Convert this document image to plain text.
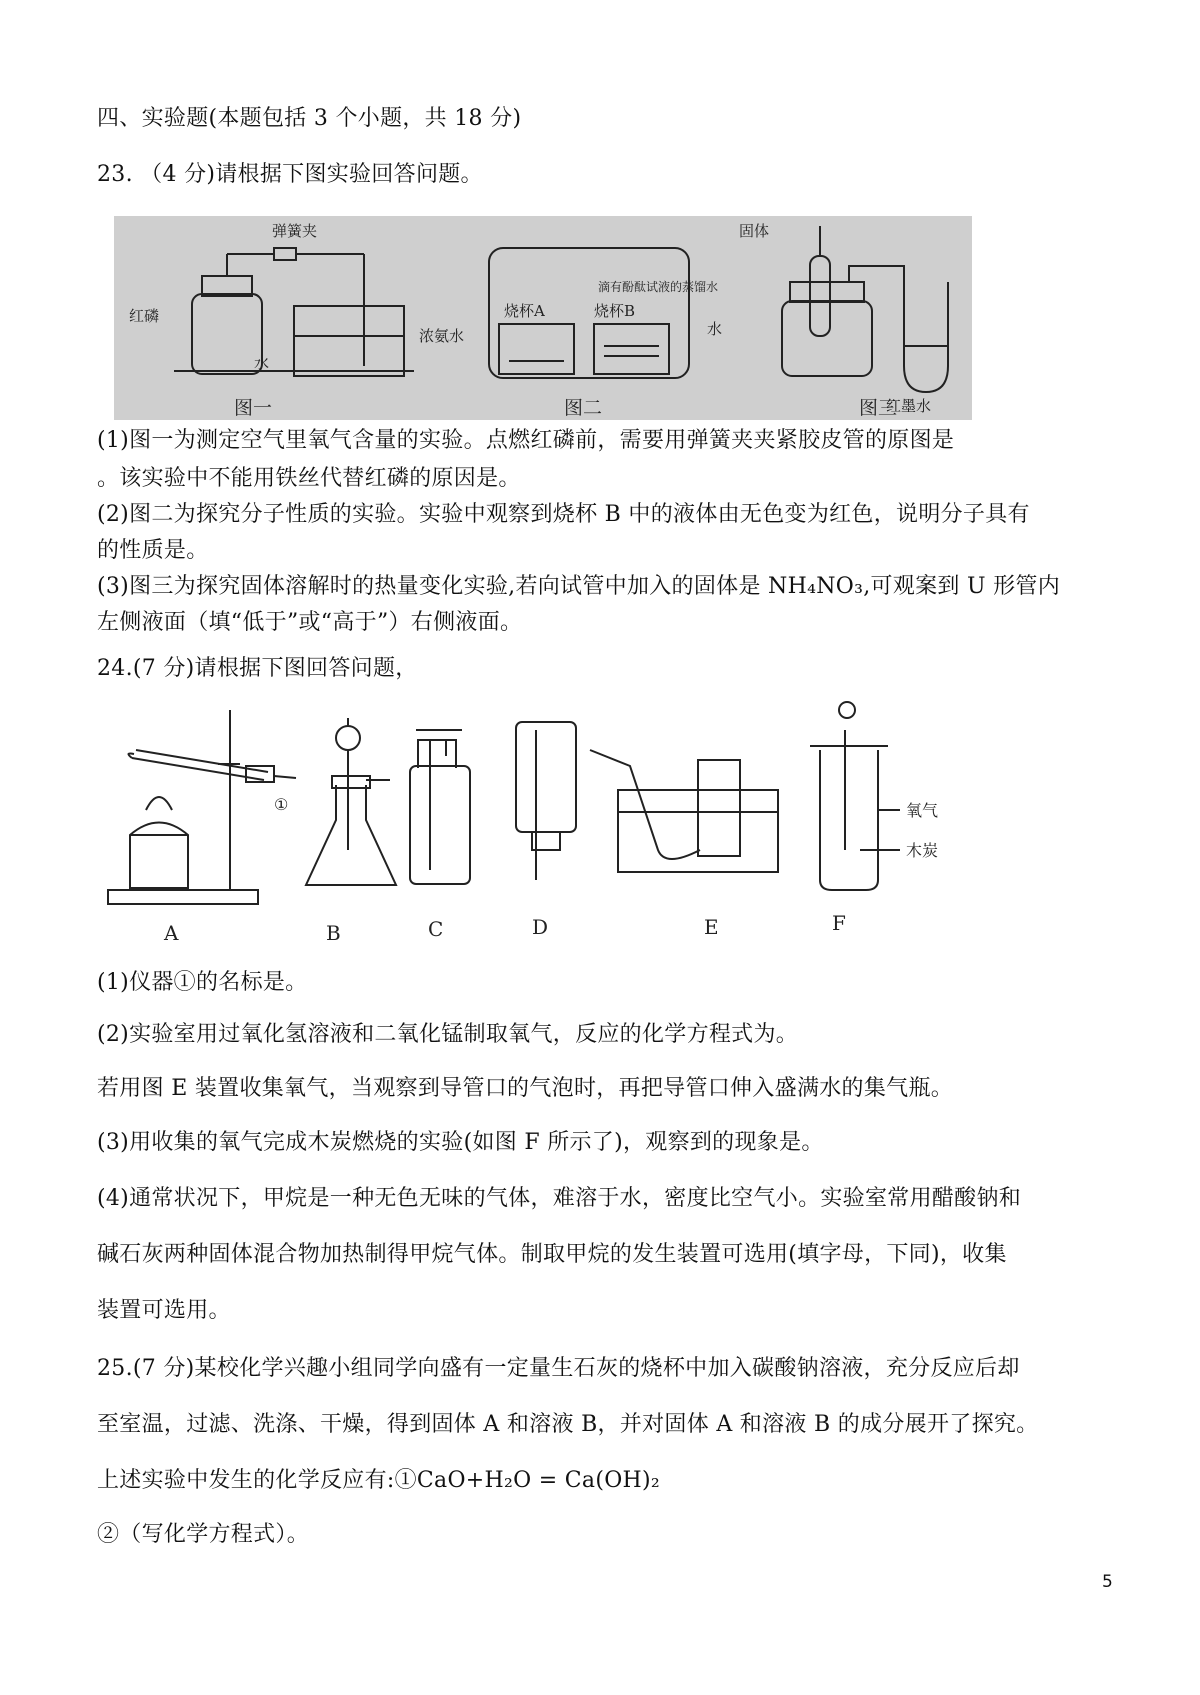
四、实验题(本题包括 3 个小题，共 18 分)

23. （4 分)请根据下图实验回答问题。

弹簧夹
红磷
水
烧杯A	烧杯B
浓氨水
滴有酚酞试液的蒸馏水
固体
水
红墨水
图一	图二	图三

(1)图一为测定空气里氧气含量的实验。点燃红磷前，需要用弹簧夹夹紧胶皮管的原图是

。该实验中不能用铁丝代替红磷的原因是。

(2)图二为探究分子性质的实验。实验中观察到烧杯 B 中的液体由无色变为红色，说明分子具有

的性质是。

(3)图三为探究固体溶解时的热量变化实验,若向试管中加入的固体是 NH₄NO₃,可观案到 U 形管内

左侧液面（填“低于”或“高于”）右侧液面。

24.(7 分)请根据下图回答问题，

A	B	C	D	E	F
①	氧气
木炭

(1)仪器①的名标是。

(2)实验室用过氧化氢溶液和二氧化锰制取氧气，反应的化学方程式为。

若用图 E 装置收集氧气，当观察到导管口的气泡时，再把导管口伸入盛满水的集气瓶。

(3)用收集的氧气完成木炭燃烧的实验(如图 F 所示了)，观察到的现象是。

(4)通常状况下，甲烷是一种无色无味的气体，难溶于水，密度比空气小。实验室常用醋酸钠和

碱石灰两种固体混合物加热制得甲烷气体。制取甲烷的发生装置可选用(填字母，下同)，收集

装置可选用。

25.(7 分)某校化学兴趣小组同学向盛有一定量生石灰的烧杯中加入碳酸钠溶液，充分反应后却

至室温，过滤、洗涤、干燥，得到固体 A 和溶液 B，并对固体 A 和溶液 B 的成分展开了探究。

上述实验中发生的化学反应有:①CaO+H₂O = Ca(OH)₂

②（写化学方程式）。

5
